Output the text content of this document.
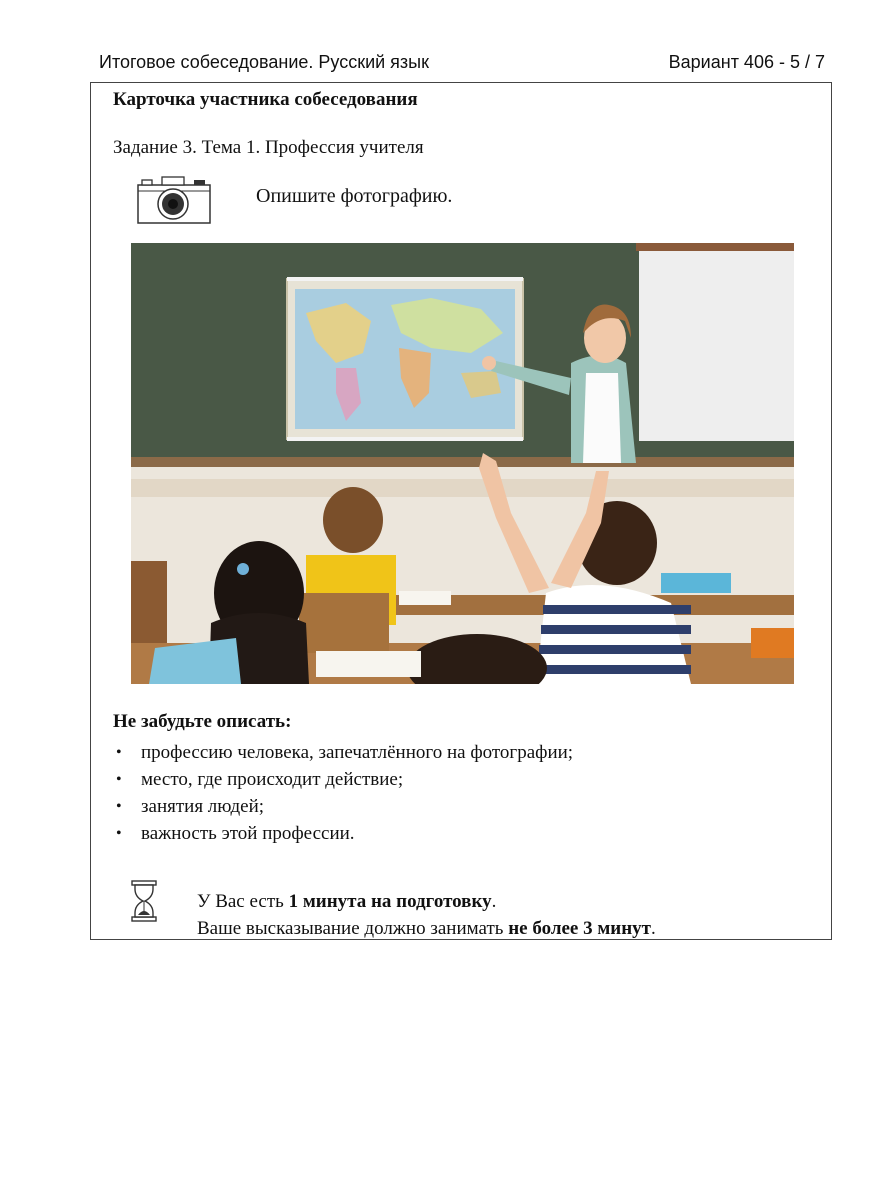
Итоговое собеседование. Русский язык	Вариант 406 - 5 / 7
Карточка участника собеседования
Задание 3. Тема 1. Профессия учителя
Опишите фотографию.
Не забудьте описать:
• профессию человека, запечатлённого на фотографии;
• место, где происходит действие;
• занятия людей;
• важность этой профессии.
У Вас есть 1 минута на подготовку.
Ваше высказывание должно занимать не более 3 минут.
